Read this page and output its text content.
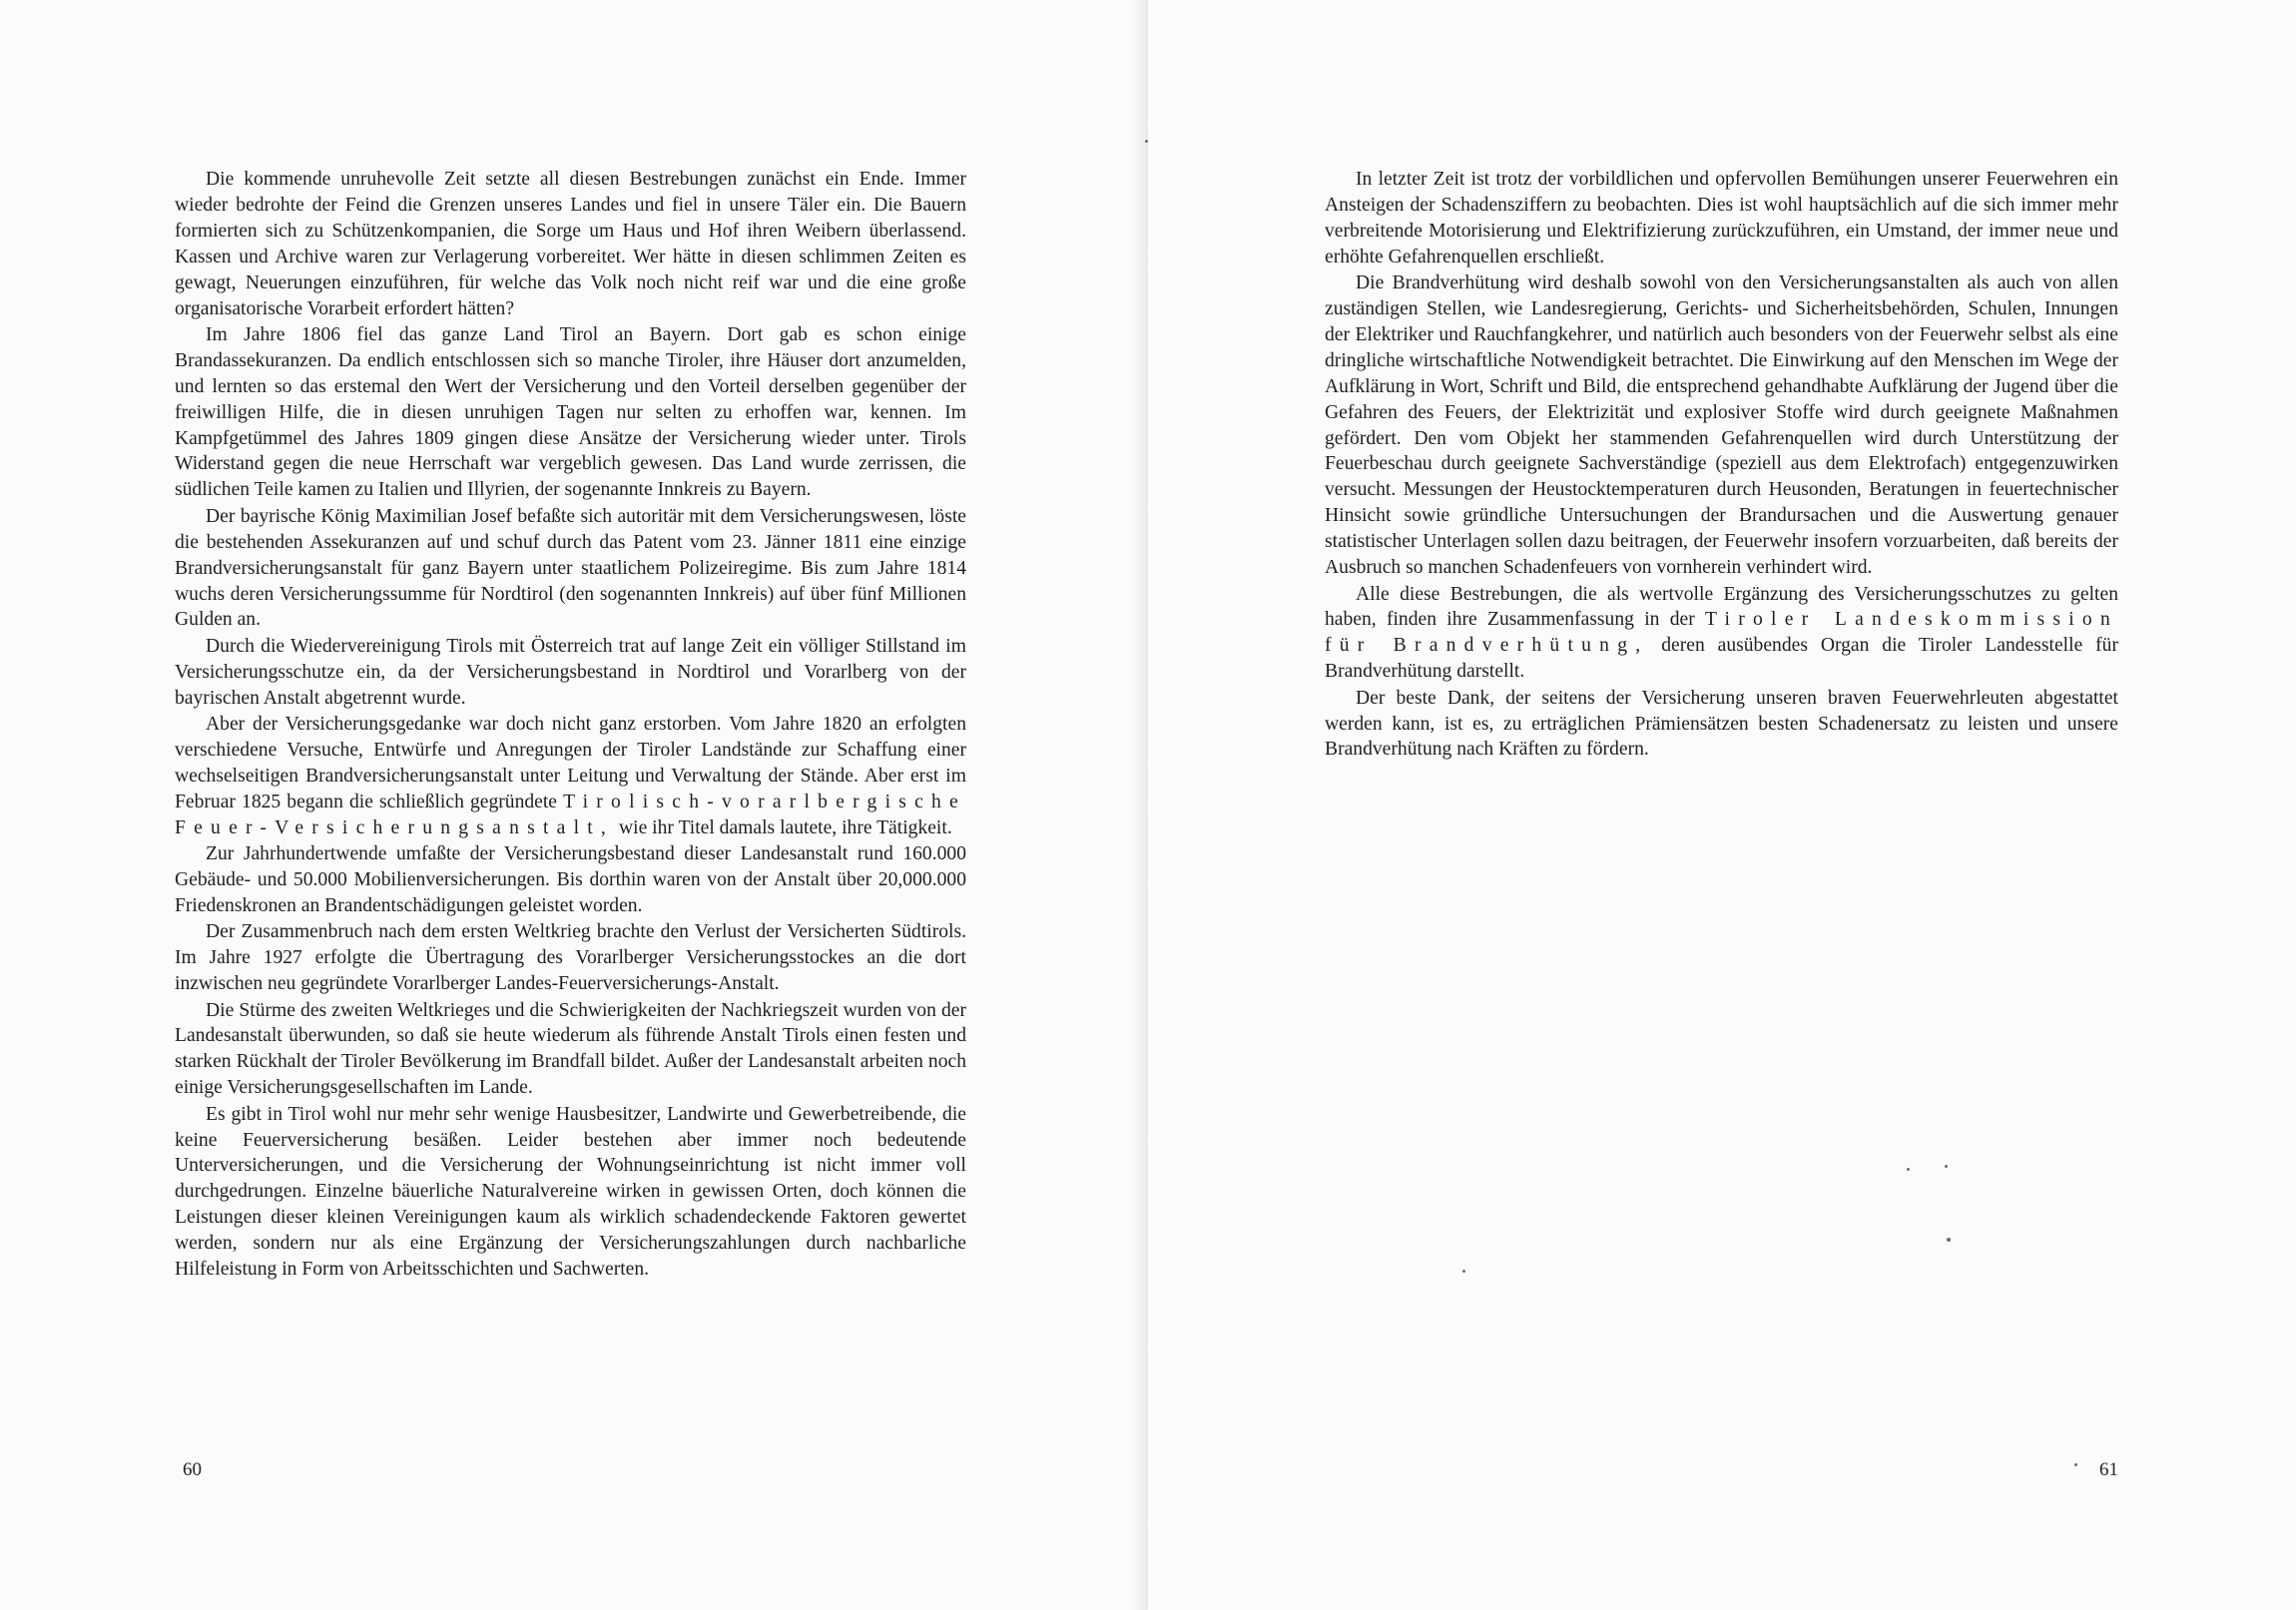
Die kommende unruhevolle Zeit setzte all diesen Bestrebungen zunächst ein Ende. Immer wieder bedrohte der Feind die Grenzen unseres Landes und fiel in unsere Täler ein. Die Bauern formierten sich zu Schützenkompanien, die Sorge um Haus und Hof ihren Weibern überlassend. Kassen und Archive waren zur Verlagerung vorbereitet. Wer hätte in diesen schlimmen Zeiten es gewagt, Neuerungen einzuführen, für welche das Volk noch nicht reif war und die eine große organisatorische Vorarbeit erfordert hätten?

Im Jahre 1806 fiel das ganze Land Tirol an Bayern. Dort gab es schon einige Brandassekuranzen. Da endlich entschlossen sich so manche Tiroler, ihre Häuser dort anzumelden, und lernten so das erstemal den Wert der Versicherung und den Vorteil derselben gegenüber der freiwilligen Hilfe, die in diesen unruhigen Tagen nur selten zu erhoffen war, kennen. Im Kampfgetümmel des Jahres 1809 gingen diese Ansätze der Versicherung wieder unter. Tirols Widerstand gegen die neue Herrschaft war vergeblich gewesen. Das Land wurde zerrissen, die südlichen Teile kamen zu Italien und Illyrien, der sogenannte Innkreis zu Bayern.

Der bayrische König Maximilian Josef befaßte sich autoritär mit dem Versicherungswesen, löste die bestehenden Assekuranzen auf und schuf durch das Patent vom 23. Jänner 1811 eine einzige Brandversicherungsanstalt für ganz Bayern unter staatlichem Polizeiregime. Bis zum Jahre 1814 wuchs deren Versicherungssumme für Nordtirol (den sogenannten Innkreis) auf über fünf Millionen Gulden an.

Durch die Wiedervereinigung Tirols mit Österreich trat auf lange Zeit ein völliger Stillstand im Versicherungsschutze ein, da der Versicherungsbestand in Nordtirol und Vorarlberg von der bayrischen Anstalt abgetrennt wurde.

Aber der Versicherungsgedanke war doch nicht ganz erstorben. Vom Jahre 1820 an erfolgten verschiedene Versuche, Entwürfe und Anregungen der Tiroler Landstände zur Schaffung einer wechselseitigen Brandversicherungsanstalt unter Leitung und Verwaltung der Stände. Aber erst im Februar 1825 begann die schließlich gegründete Tirolisch-vorarlbergische Feuer-Versicherungsanstalt, wie ihr Titel damals lautete, ihre Tätigkeit.

Zur Jahrhundertwende umfaßte der Versicherungsbestand dieser Landesanstalt rund 160.000 Gebäude- und 50.000 Mobilienversicherungen. Bis dorthin waren von der Anstalt über 20,000.000 Friedenskronen an Brandentschädigungen geleistet worden.

Der Zusammenbruch nach dem ersten Weltkrieg brachte den Verlust der Versicherten Südtirols. Im Jahre 1927 erfolgte die Übertragung des Vorarlberger Versicherungsstockes an die dort inzwischen neu gegründete Vorarlberger Landes-Feuerversicherungs-Anstalt.

Die Stürme des zweiten Weltkrieges und die Schwierigkeiten der Nachkriegszeit wurden von der Landesanstalt überwunden, so daß sie heute wiederum als führende Anstalt Tirols einen festen und starken Rückhalt der Tiroler Bevölkerung im Brandfall bildet. Außer der Landesanstalt arbeiten noch einige Versicherungsgesellschaften im Lande.

Es gibt in Tirol wohl nur mehr sehr wenige Hausbesitzer, Landwirte und Gewerbetreibende, die keine Feuerversicherung besäßen. Leider bestehen aber immer noch bedeutende Unterversicherungen, und die Versicherung der Wohnungseinrichtung ist nicht immer voll durchgedrungen. Einzelne bäuerliche Naturalvereine wirken in gewissen Orten, doch können die Leistungen dieser kleinen Vereinigungen kaum als wirklich schadendeckende Faktoren gewertet werden, sondern nur als eine Ergänzung der Versicherungszahlungen durch nachbarliche Hilfeleistung in Form von Arbeitsschichten und Sachwerten.

60

In letzter Zeit ist trotz der vorbildlichen und opfervollen Bemühungen unserer Feuerwehren ein Ansteigen der Schadensziffern zu beobachten. Dies ist wohl hauptsächlich auf die sich immer mehr verbreitende Motorisierung und Elektrifizierung zurückzuführen, ein Umstand, der immer neue und erhöhte Gefahrenquellen erschließt.

Die Brandverhütung wird deshalb sowohl von den Versicherungsanstalten als auch von allen zuständigen Stellen, wie Landesregierung, Gerichts- und Sicherheitsbehörden, Schulen, Innungen der Elektriker und Rauchfangkehrer, und natürlich auch besonders von der Feuerwehr selbst als eine dringliche wirtschaftliche Notwendigkeit betrachtet. Die Einwirkung auf den Menschen im Wege der Aufklärung in Wort, Schrift und Bild, die entsprechend gehandhabte Aufklärung der Jugend über die Gefahren des Feuers, der Elektrizität und explosiver Stoffe wird durch geeignete Maßnahmen gefördert. Den vom Objekt her stammenden Gefahrenquellen wird durch Unterstützung der Feuerbeschau durch geeignete Sachverständige (speziell aus dem Elektrofach) entgegenzuwirken versucht. Messungen der Heustocktemperaturen durch Heusonden, Beratungen in feuertechnischer Hinsicht sowie gründliche Untersuchungen der Brandursachen und die Auswertung genauer statistischer Unterlagen sollen dazu beitragen, der Feuerwehr insofern vorzuarbeiten, daß bereits der Ausbruch so manchen Schadenfeuers von vornherein verhindert wird.

Alle diese Bestrebungen, die als wertvolle Ergänzung des Versicherungsschutzes zu gelten haben, finden ihre Zusammenfassung in der Tiroler Landeskommission für Brandverhütung, deren ausübendes Organ die Tiroler Landesstelle für Brandverhütung darstellt.

Der beste Dank, der seitens der Versicherung unseren braven Feuerwehrleuten abgestattet werden kann, ist es, zu erträglichen Prämiensätzen besten Schadenersatz zu leisten und unsere Brandverhütung nach Kräften zu fördern.

61
